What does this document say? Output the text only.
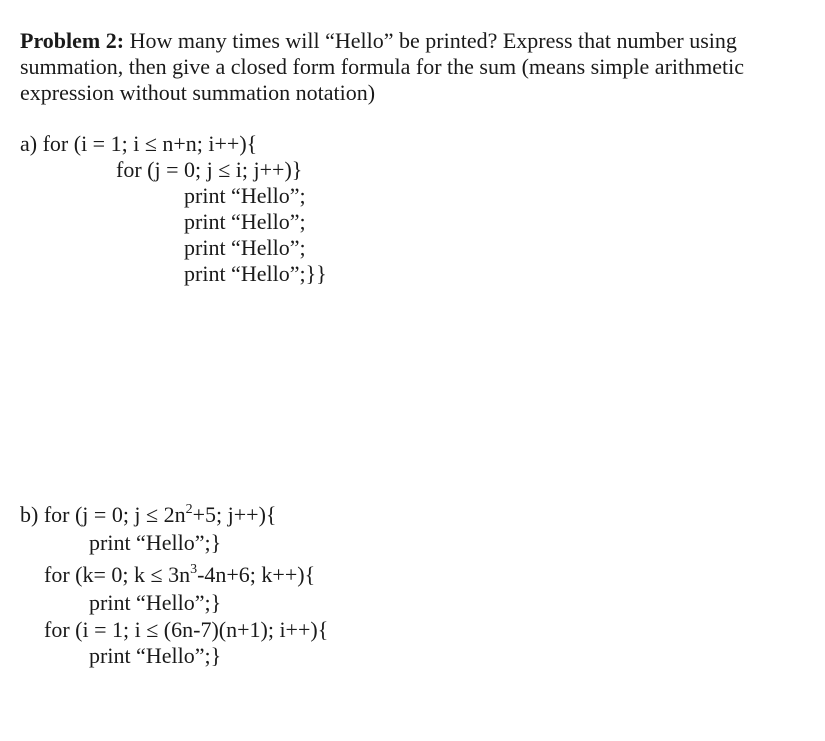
Problem 2: How many times will “Hello” be printed? Express that number using
summation, then give a closed form formula for the sum (means simple arithmetic
expression without summation notation)
a) for (i = 1; i ≤ n+n; i++){
for (j = 0; j ≤ i; j++)}
print “Hello”;
print “Hello”;
print “Hello”;
print “Hello”;}}
b) for (j = 0; $j \le 2n^2+5$; j++){
print “Hello”;}
for (k= 0; $k \le 3n^3-4n+6$; k++){
print “Hello”;}
for (i = 1; i ≤ (6n-7)(n+1); i++){
print “Hello”;}
